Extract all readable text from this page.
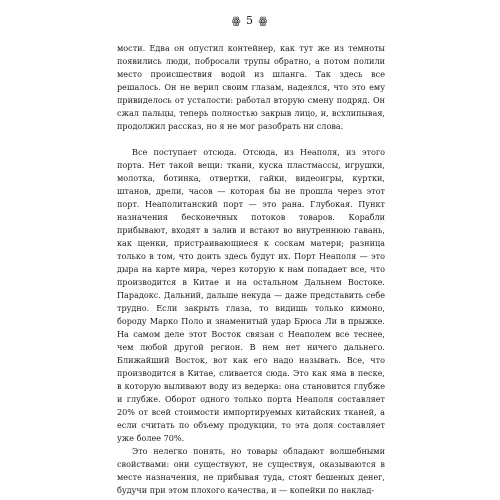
ꙮ 5 ꙮ

мости. Едва он опустил контейнер, как тут же из темноты появились люди, побросали трупы обратно, а потом полили место происшествия водой из шланга. Так здесь все решалось. Он не верил своим глазам, надеялся, что это ему привиделось от усталости: работал вторую смену подряд. Он сжал пальцы, теперь полностью закрыв лицо, и, всхлипывая, продолжил рассказ, но я не мог разобрать ни слова.

Все поступает отсюда. Отсюда, из Неаполя, из этого порта. Нет такой вещи: ткани, куска пластмассы, игрушки, молотка, ботинка, отвертки, гайки, видеоигры, куртки, штанов, дрели, часов — которая бы не прошла через этот порт. Неаполитанский порт — это рана. Глубокая. Пункт назначения бесконечных потоков товаров. Корабли прибывают, входят в залив и встают во внутреннюю гавань, как щенки, пристраивающиеся к соскам матери; разница только в том, что доить здесь будут их. Порт Неаполя — это дыра на карте мира, через которую к нам попадает все, что производится в Китае и на остальном Дальнем Востоке. Парадокс. Дальний, дальше некуда — даже представить себе трудно. Если закрыть глаза, то видишь только кимоно, бороду Марко Поло и знаменитый удар Брюса Ли в прыжке. На самом деле этот Восток связан с Неаполем все теснее, чем любой другой регион. В нем нет ничего дальнего. Ближайший Восток, вот как его надо называть. Все, что производится в Китае, сливается сюда. Это как яма в песке, в которую выливают воду из ведерка: она становится глубже и глубже. Оборот одного только порта Неаполя составляет 20% от всей стоимости импортируемых китайских тканей, а если считать по объему продукции, то эта доля составляет уже более 70%.

Это нелегко понять, но товары обладают волшебными свойствами: они существуют, не существуя, оказываются в месте назначения, не прибывая туда, стоят бешеных денег, будучи при этом плохого качества, и — копейки по наклад-
